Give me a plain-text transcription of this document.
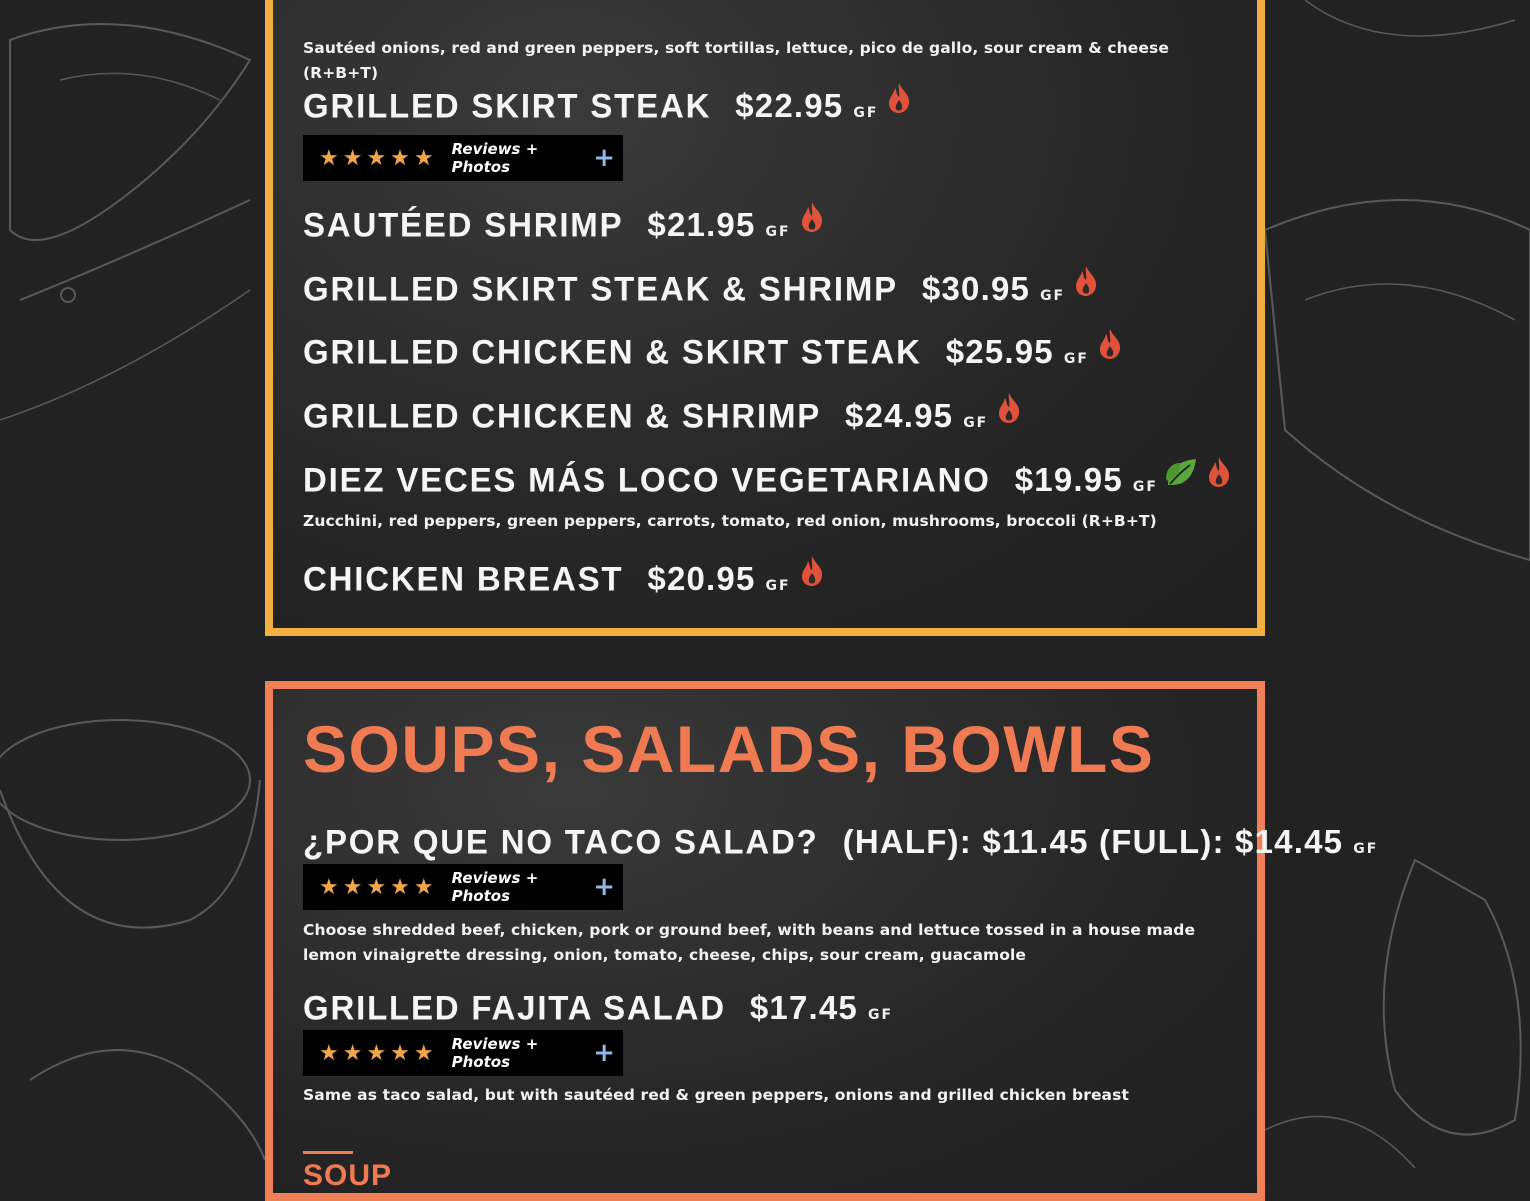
Sautéed onions, red and green peppers, soft tortillas, lettuce, pico de gallo, sour cream & cheese (R+B+T)
GRILLED SKIRT STEAK $22.95 GF
★★★★★ Reviews + Photos	+
SAUTÉED SHRIMP $21.95 GF
GRILLED SKIRT STEAK & SHRIMP $30.95 GF
GRILLED CHICKEN & SKIRT STEAK $25.95 GF
GRILLED CHICKEN & SHRIMP $24.95 GF
DIEZ VECES MÁS LOCO VEGETARIANO $19.95 GF
Zucchini, red peppers, green peppers, carrots, tomato, red onion, mushrooms, broccoli (R+B+T)
CHICKEN BREAST $20.95 GF
SOUPS, SALADS, BOWLS
¿POR QUE NO TACO SALAD? (HALF): $11.45 (FULL): $14.45 GF
★★★★★ Reviews + Photos	+
Choose shredded beef, chicken, pork or ground beef, with beans and lettuce tossed in a house made lemon vinaigrette dressing, onion, tomato, cheese, chips, sour cream, guacamole
GRILLED FAJITA SALAD $17.45 GF
★★★★★ Reviews + Photos	+
Same as taco salad, but with sautéed red & green peppers, onions and grilled chicken breast
SOUP
